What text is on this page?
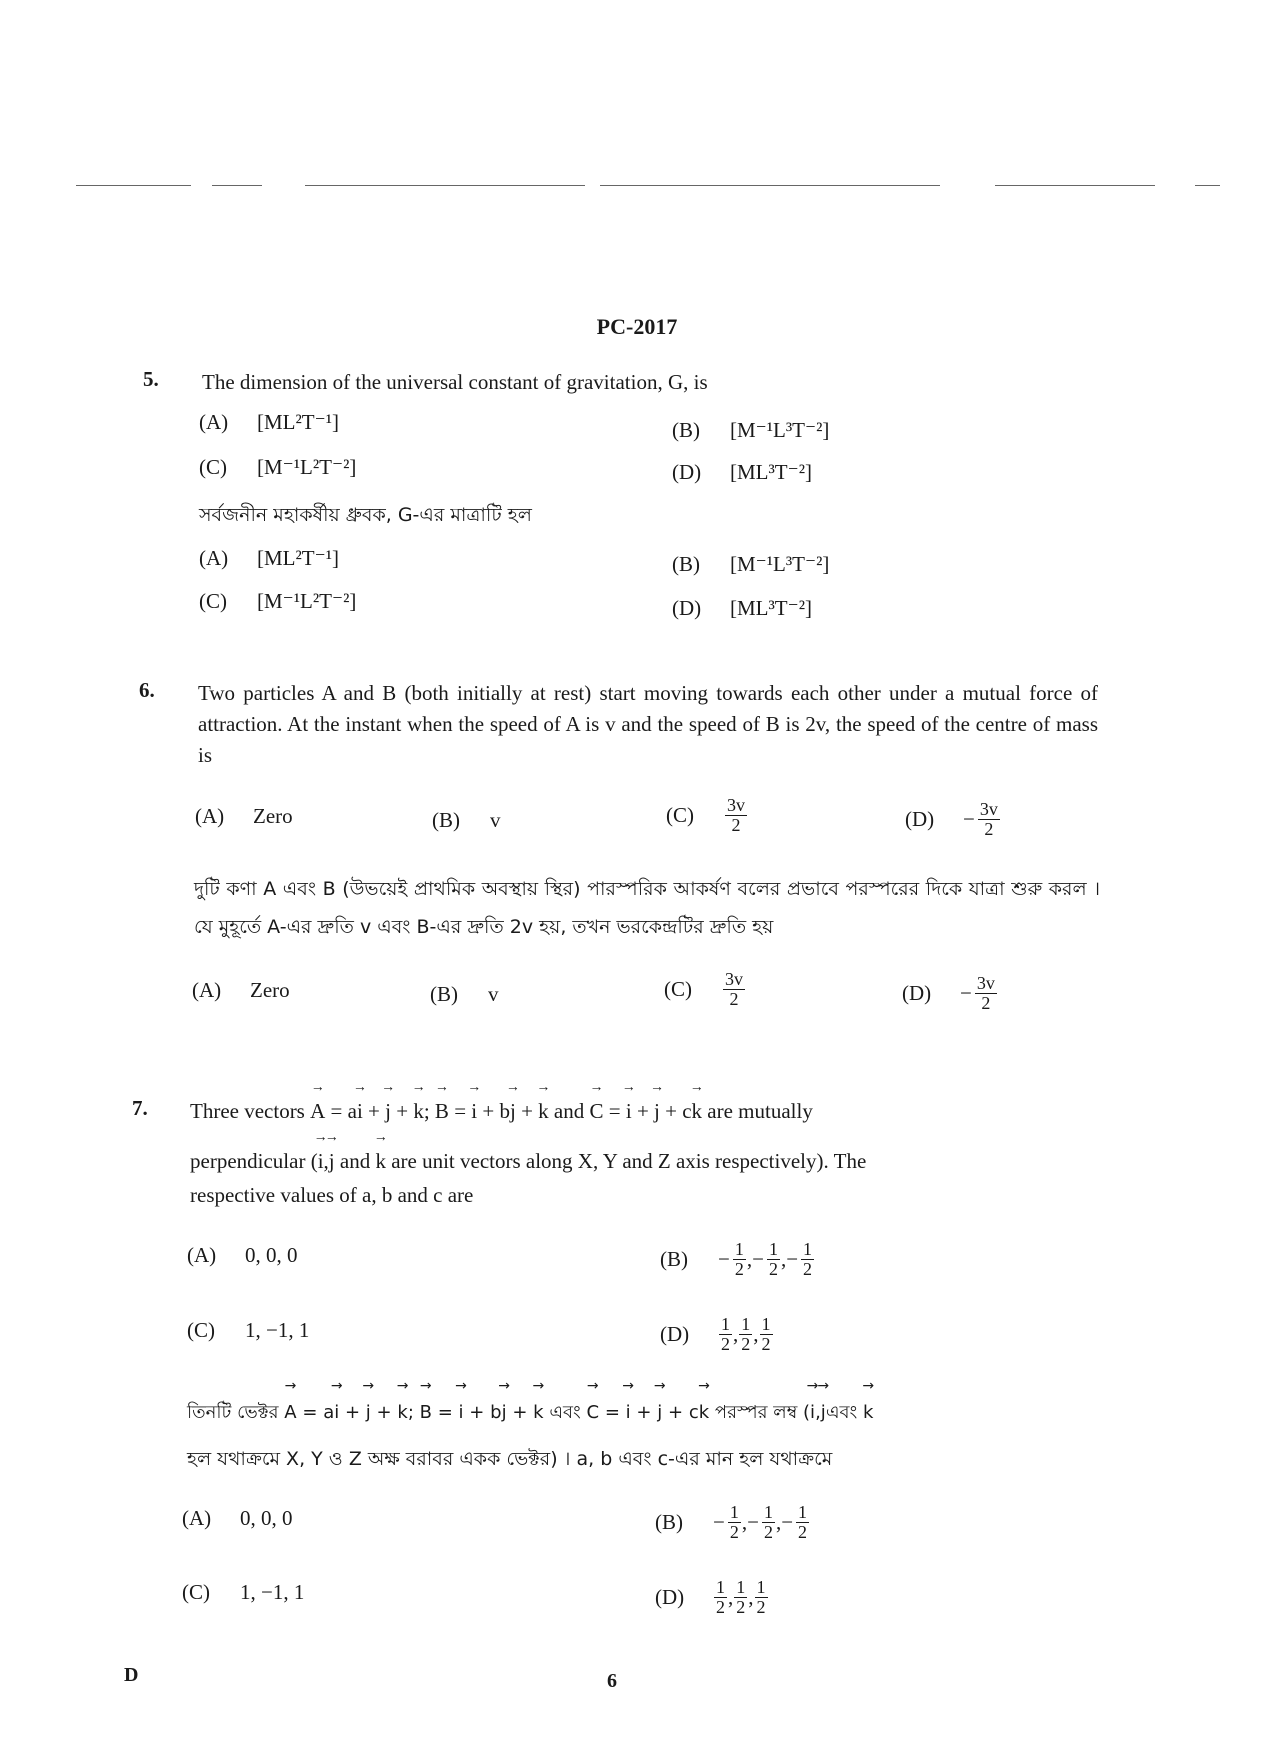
PC-2017
5. The dimension of the universal constant of gravitation, G, is
(A) [ML²T⁻¹]	(B) [M⁻¹L³T⁻²]
(C) [M⁻¹L²T⁻²]	(D) [ML³T⁻²]
সর্বজনীন মহাকর্ষীয় ধ্রুবক, G-এর মাত্রাটি হল
(A) [ML²T⁻¹]	(B) [M⁻¹L³T⁻²]
(C) [M⁻¹L²T⁻²]	(D) [ML³T⁻²]
6. Two particles A and B (both initially at rest) start moving towards each other under a mutual force of attraction. At the instant when the speed of A is v and the speed of B is 2v, the speed of the centre of mass is
(A) Zero	(B) v	$(C) \frac{3v}{2}$	$(D) - \frac{3v}{2}$
দুটি কণা A এবং B (উভয়েই প্রাথমিক অবস্থায় স্থির) পারস্পরিক আকর্ষণ বলের প্রভাবে পরস্পরের দিকে যাত্রা শুরু করল । যে মুহূর্তে A-এর দ্রুতি v এবং B-এর দ্রুতি 2v হয়, তখন ভরকেন্দ্রটির দ্রুতি হয়
(A) Zero	(B) v	$(C) \frac{3v}{2}$	$(D) - \frac{3v}{2}$
7. Three vectors → A = a→ i + → j + → k; → B = → i + b→ j + → k and → C = → i + → j + c→ k are mutually
perpendicular (→ i,→ j and → k are unit vectors along X, Y and Z axis respectively). The
respective values of a, b and c are
(A) 0, 0, 0	$(B) - \frac{1}{2}$ ,− $\frac{1}{2}$ ,− $\frac{1}{2}$
(C) 1, −1, 1	$(D) \frac{1}{2}$ , $\frac{1}{2}$ , $\frac{1}{2}$
তিনটি ভেক্টর → A = a→ i + → j + → k; → B = → i + b→ j + → k এবং → C = → i + → j + c→ k পরস্পর লম্ব (→ i,→ jএবং → k
হল যথাক্রমে X, Y ও Z অক্ষ বরাবর একক ভেক্টর) । a, b এবং c-এর মান হল যথাক্রমে
(A) 0, 0, 0	$(B) - \frac{1}{2}$ ,− $\frac{1}{2}$ ,− $\frac{1}{2}$
(C) 1, −1, 1	$(D) \frac{1}{2}$ , $\frac{1}{2}$ , $\frac{1}{2}$
D	6
